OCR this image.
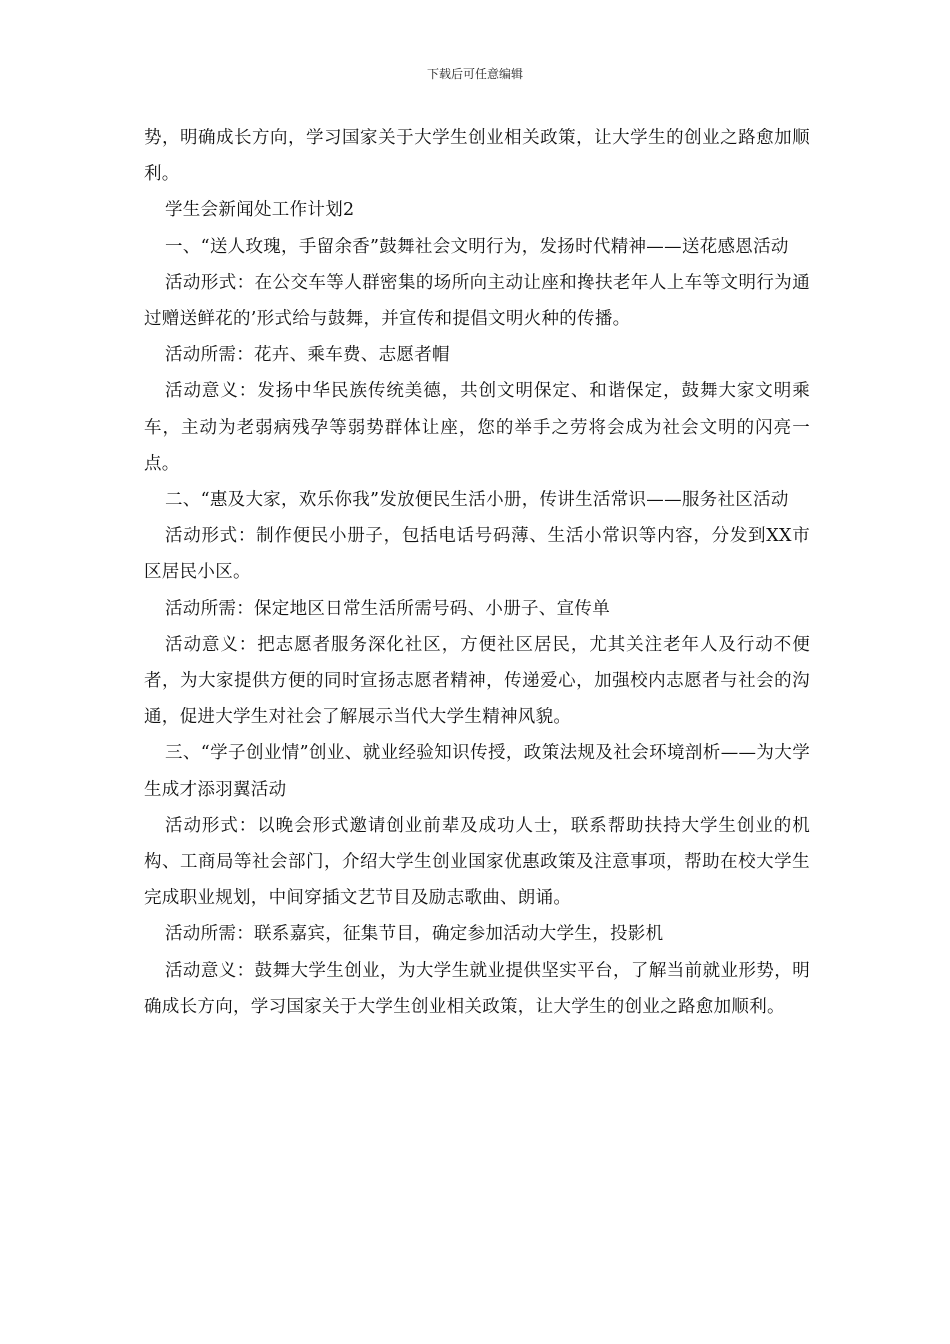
下载后可任意编辑

势，明确成长方向，学习国家关于大学生创业相关政策，让大学生的创业之路愈加顺利。

学生会新闻处工作计划2

一、“送人玫瑰，手留余香”鼓舞社会文明行为，发扬时代精神——送花感恩活动

活动形式：在公交车等人群密集的场所向主动让座和搀扶老年人上车等文明行为通过赠送鲜花的’形式给与鼓舞，并宣传和提倡文明火种的传播。

活动所需：花卉、乘车费、志愿者帽

活动意义：发扬中华民族传统美德，共创文明保定、和谐保定，鼓舞大家文明乘车，主动为老弱病残孕等弱势群体让座，您的举手之劳将会成为社会文明的闪亮一点。

二、“惠及大家，欢乐你我”发放便民生活小册，传讲生活常识——服务社区活动

活动形式：制作便民小册子，包括电话号码薄、生活小常识等内容，分发到XX市区居民小区。

活动所需：保定地区日常生活所需号码、小册子、宣传单

活动意义：把志愿者服务深化社区，方便社区居民，尤其关注老年人及行动不便者，为大家提供方便的同时宣扬志愿者精神，传递爱心，加强校内志愿者与社会的沟通，促进大学生对社会了解展示当代大学生精神风貌。

三、“学子创业情”创业、就业经验知识传授，政策法规及社会环境剖析——为大学生成才添羽翼活动

活动形式：以晚会形式邀请创业前辈及成功人士，联系帮助扶持大学生创业的机构、工商局等社会部门，介绍大学生创业国家优惠政策及注意事项，帮助在校大学生完成职业规划，中间穿插文艺节目及励志歌曲、朗诵。

活动所需：联系嘉宾，征集节目，确定参加活动大学生，投影机

活动意义：鼓舞大学生创业，为大学生就业提供坚实平台，了解当前就业形势，明确成长方向，学习国家关于大学生创业相关政策，让大学生的创业之路愈加顺利。
